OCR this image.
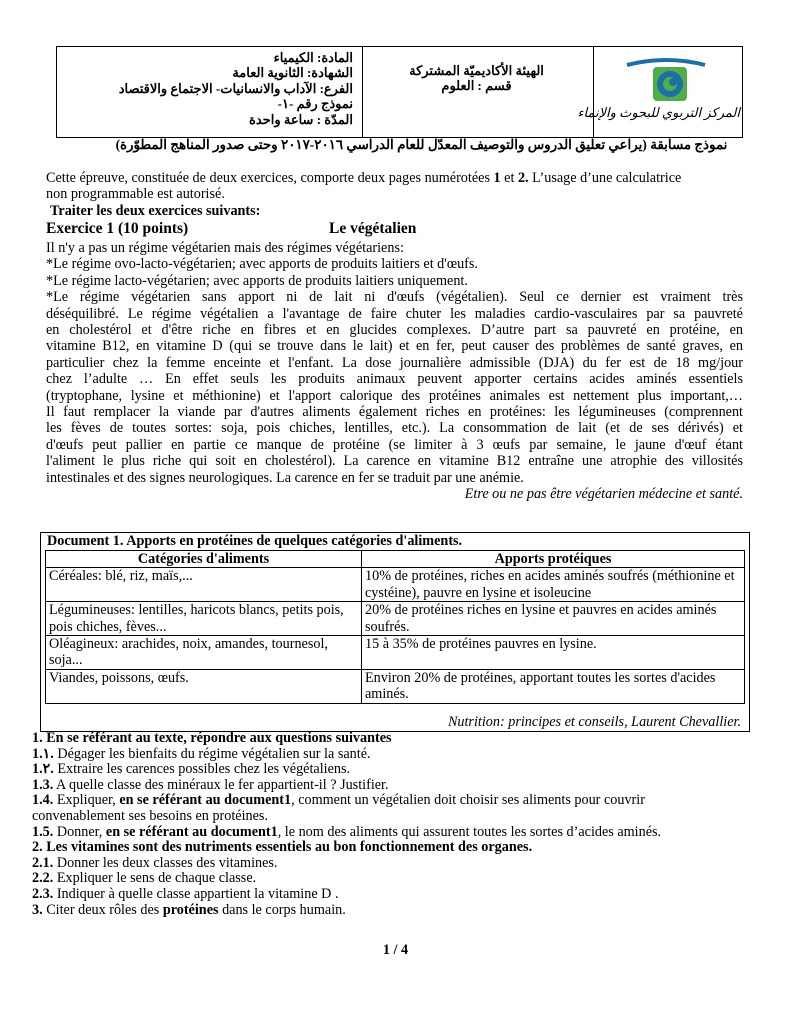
المادة: الكيمياء
الشهادة: الثانوية العامة
الفرع: الآداب والانسانيات- الاجتماع والاقتصاد
نموذج رقم -١-
المدّة : ساعة واحدة
الهيئة الأكاديميّة المشتركة
قسم : العلوم
المركز التربوي للبحوث والإنماء
نموذج مسابقة (يراعي تعليق الدروس والتوصيف المعدّل للعام الدراسي ٢٠١٦-٢٠١٧ وحتى صدور المناهج المطوّرة)
Cette épreuve, constituée de deux exercices, comporte deux pages numérotées 1 et 2. L’usage d’une calculatrice
non programmable est autorisé.
Traiter les deux exercices suivants:
Exercice 1 (10 points)	Le végétalien
Il n'y a pas un régime végétarien mais des régimes végétariens:
*Le régime ovo-lacto-végétarien; avec apports de produits laitiers et d'œufs.
*Le régime lacto-végétarien; avec apports de produits laitiers uniquement.
*Le régime végétarien sans apport ni de lait ni d'œufs (végétalien). Seul ce dernier est vraiment très
déséquilibré. Le régime végétalien a l'avantage de faire chuter les maladies cardio-vasculaires par sa pauvreté
en cholestérol et d'être riche en fibres et en glucides complexes. D’autre part sa pauvreté en protéine, en
vitamine B12, en vitamine D (qui se trouve dans le lait) et en fer, peut causer des problèmes de santé graves, en
particulier chez la femme enceinte et l'enfant. La dose journalière admissible (DJA) du fer est de 18 mg/jour
chez l’adulte … En effet seuls les produits animaux peuvent apporter certains acides aminés essentiels
(tryptophane, lysine et méthionine) et l'apport calorique des protéines animales est nettement plus important,…
Il faut remplacer la viande par d'autres aliments également riches en protéines: les légumineuses (comprennent
les fèves de toutes sortes: soja, pois chiches, lentilles, etc.). La consommation de lait (et de ses dérivés) et
d'œufs peut pallier en partie ce manque de protéine (se limiter à 3 œufs par semaine, le jaune d'œuf étant
l'aliment le plus riche qui soit en cholestérol). La carence en vitamine B12 entraîne une atrophie des villosités
intestinales et des signes neurologiques. La carence en fer se traduit par une anémie.
Etre ou ne pas être végétarien médecine et santé.
Document 1. Apports en protéines de quelques catégories d'aliments.
Catégories d'aliments	Apports protéiques
Céréales: blé, riz, maïs,...	10% de protéines, riches en acides aminés soufrés (méthionine et cystéine), pauvre en lysine et isoleucine
Légumineuses: lentilles, haricots blancs, petits pois, pois chiches, fèves...	20% de protéines riches en lysine et pauvres en acides aminés soufrés.
Oléagineux: arachides, noix, amandes, tournesol, soja...	15 à 35% de protéines pauvres en lysine.
Viandes, poissons, œufs.	Environ 20% de protéines, apportant toutes les sortes d'acides aminés.
Nutrition: principes et conseils, Laurent Chevallier.
1. En se référant au texte, répondre aux questions suivantes
1.١. Dégager les bienfaits du régime végétalien sur la santé.
1.٢. Extraire les carences possibles chez les végétaliens.
1.3. A quelle classe des minéraux le fer appartient-il ? Justifier.
1.4. Expliquer, en se référant au document1, comment un végétalien doit choisir ses aliments pour couvrir
convenablement ses besoins en protéines.
1.5. Donner, en se référant au document1, le nom des aliments qui assurent toutes les sortes d’acides aminés.
2. Les vitamines sont des nutriments essentiels au bon fonctionnement des organes.
2.1. Donner les deux classes des vitamines.
2.2. Expliquer le sens de chaque classe.
2.3. Indiquer à quelle classe appartient la vitamine D .
3. Citer deux rôles des protéines dans le corps humain.
1 / 4
